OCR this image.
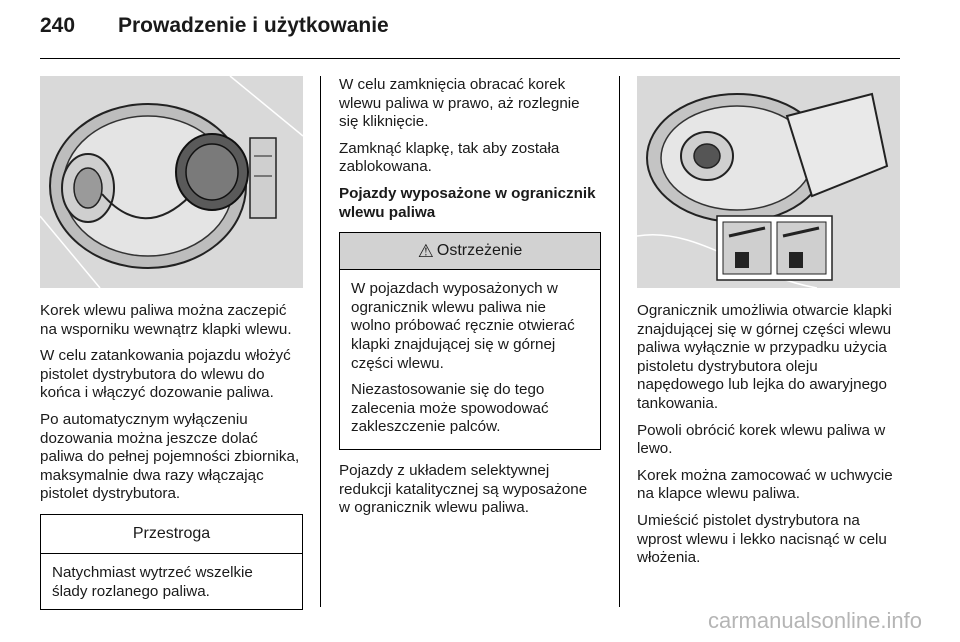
240	Prowadzenie i użytkowanie

Korek wlewu paliwa można zaczepić na wsporniku wewnątrz klapki wlewu.

W celu zatankowania pojazdu włożyć pistolet dystrybutora do wlewu do końca i włączyć dozowanie paliwa.

Po automatycznym wyłączeniu dozowania można jeszcze dolać paliwa do pełnej pojemności zbiornika, maksymalnie dwa razy włączając pistolet dystrybutora.

Przestroga
Natychmiast wytrzeć wszelkie ślady rozlanego paliwa.

W celu zamknięcia obracać korek wlewu paliwa w prawo, aż rozlegnie się kliknięcie.

Zamknąć klapkę, tak aby została zablokowana.

Pojazdy wyposażone w ogranicznik wlewu paliwa

⚠ Ostrzeżenie

W pojazdach wyposażonych w ogranicznik wlewu paliwa nie wolno próbować ręcznie otwierać klapki znajdującej się w górnej części wlewu.

Niezastosowanie się do tego zalecenia może spowodować zakleszczenie palców.

Pojazdy z układem selektywnej redukcji katalitycznej są wyposażone w ogranicznik wlewu paliwa.

Ogranicznik umożliwia otwarcie klapki znajdującej się w górnej części wlewu paliwa wyłącznie w przypadku użycia pistoletu dystrybutora oleju napędowego lub lejka do awaryjnego tankowania.

Powoli obrócić korek wlewu paliwa w lewo.

Korek można zamocować w uchwycie na klapce wlewu paliwa.

Umieścić pistolet dystrybutora na wprost wlewu i lekko nacisnąć w celu włożenia.

carmanualsonline.info
